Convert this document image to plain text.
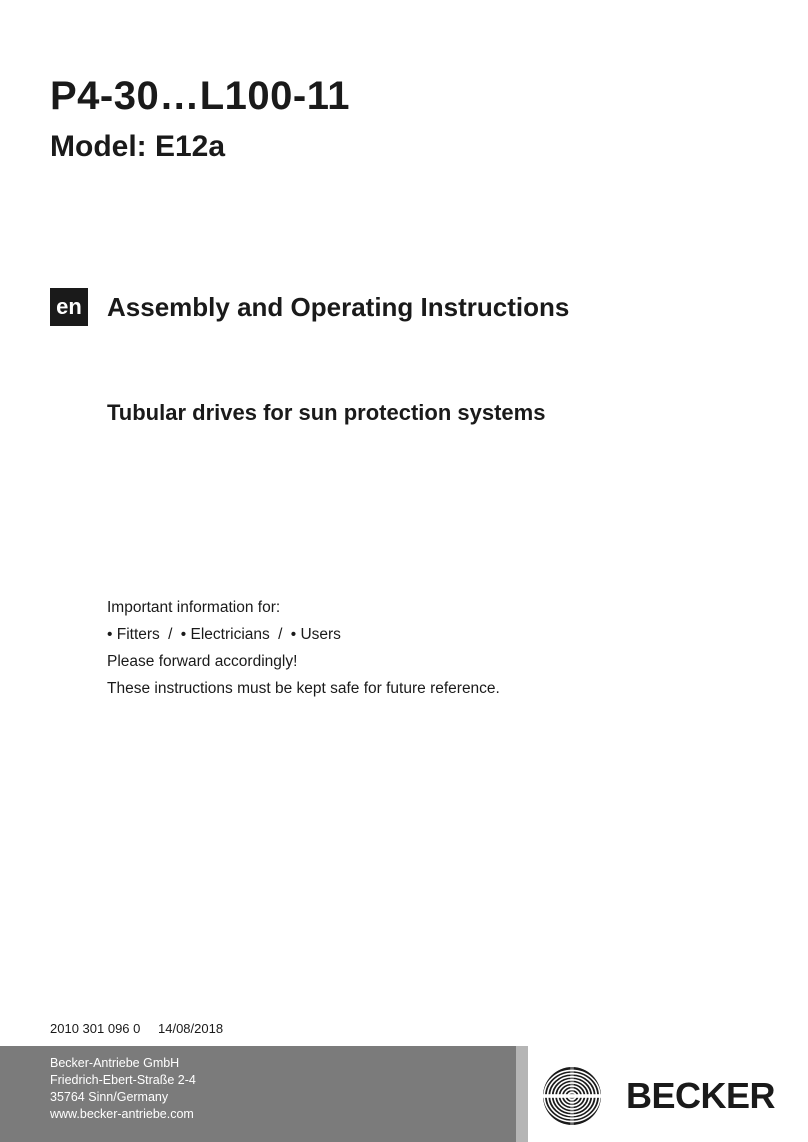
P4-30…L100-11
Model: E12a
en Assembly and Operating Instructions
Tubular drives for sun protection systems
Important information for:
• Fitters / • Electricians / • Users
Please forward accordingly!
These instructions must be kept safe for future reference.
2010 301 096 0 14/08/2018
Becker-Antriebe GmbH
Friedrich-Ebert-Straße 2-4
35764 Sinn/Germany
www.becker-antriebe.com	BECKER
